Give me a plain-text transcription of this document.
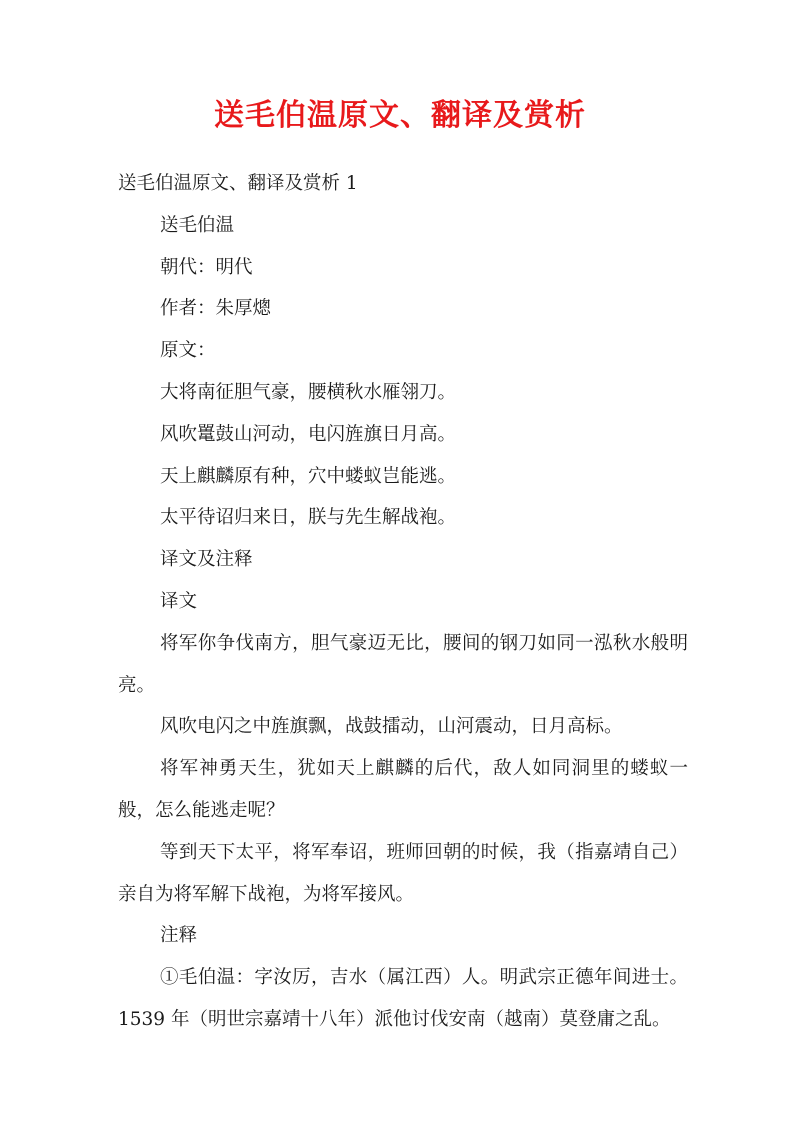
送毛伯温原文、翻译及赏析
送毛伯温原文、翻译及赏析 1
送毛伯温
朝代：明代
作者：朱厚熜
原文：
大将南征胆气豪，腰横秋水雁翎刀。
风吹鼍鼓山河动，电闪旌旗日月高。
天上麒麟原有种，穴中蝼蚁岂能逃。
太平待诏归来日，朕与先生解战袍。
译文及注释
译文
将军你争伐南方，胆气豪迈无比，腰间的钢刀如同一泓秋水般明亮。
风吹电闪之中旌旗飘，战鼓擂动，山河震动，日月高标。
将军神勇天生，犹如天上麒麟的后代，敌人如同洞里的蝼蚁一般，怎么能逃走呢？
等到天下太平，将军奉诏，班师回朝的时候，我（指嘉靖自己）亲自为将军解下战袍，为将军接风。
注释
①毛伯温：字汝厉，吉水（属江西）人。明武宗正德年间进士。1539 年（明世宗嘉靖十八年）派他讨伐安南（越南）莫登庸之乱。
